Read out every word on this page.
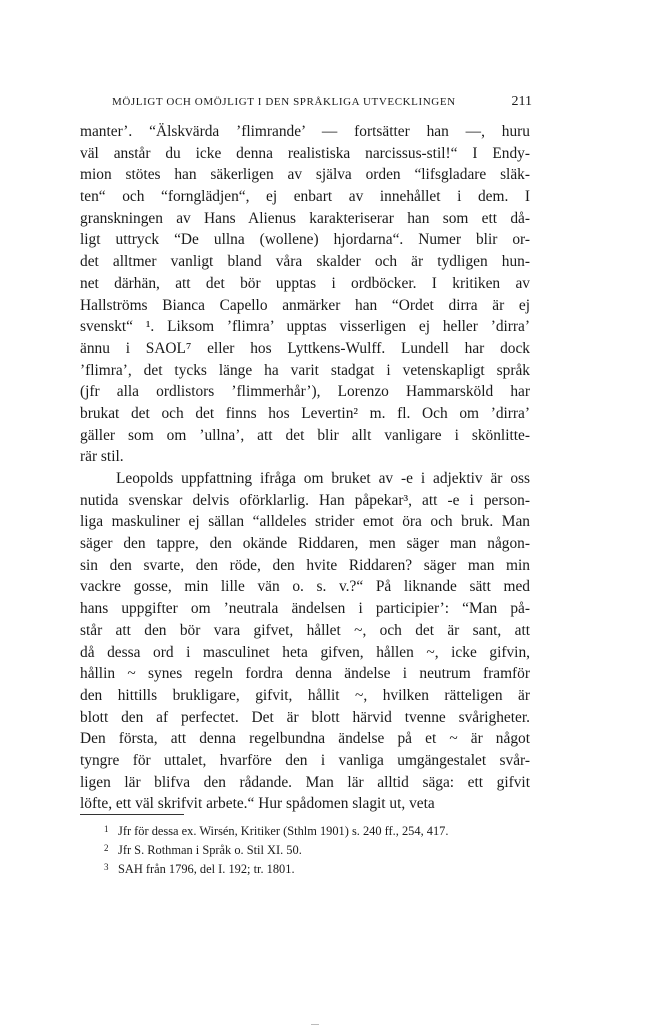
MÖJLIGT OCH OMÖJLIGT I DEN SPRÅKLIGA UTVECKLINGEN	211
manter’. “Älskvärda ’flimrande’ — fortsätter han —, huru
väl anstår du icke denna realistiska narcissus-stil!“ I Endy-
mion stötes han säkerligen av själva orden “lifsgladare släk-
ten“ och “fornglädjen“, ej enbart av innehållet i dem. I
granskningen av Hans Alienus karakteriserar han som ett då-
ligt uttryck “De ullna (wollene) hjordarna“. Numer blir or-
det alltmer vanligt bland våra skalder och är tydligen hun-
net därhän, att det bör upptas i ordböcker. I kritiken av
Hallströms Bianca Capello anmärker han “Ordet dirra är ej
svenskt“ ¹. Liksom ’flimra’ upptas visserligen ej heller ’dirra’
ännu i SAOL⁷ eller hos Lyttkens-Wulff. Lundell har dock
’flimra’, det tycks länge ha varit stadgat i vetenskapligt språk
(jfr alla ordlistors ’flimmerhår’), Lorenzo Hammarsköld har
brukat det och det finns hos Levertin² m. fl. Och om ’dirra’
gäller som om ’ullna’, att det blir allt vanligare i skönlitte-
rär stil.
Leopolds uppfattning ifråga om bruket av -e i adjektiv är oss
nutida svenskar delvis oförklarlig. Han påpekar³, att -e i person-
liga maskuliner ej sällan “alldeles strider emot öra och bruk. Man
säger den tappre, den okände Riddaren, men säger man någon-
sin den svarte, den röde, den hvite Riddaren? säger man min
vackre gosse, min lille vän o. s. v.?“ På liknande sätt med
hans uppgifter om ’neutrala ändelsen i participier’: “Man på-
står att den bör vara gifvet, hållet ~, och det är sant, att
då dessa ord i masculinet heta gifven, hållen ~, icke gifvin,
hållin ~ synes regeln fordra denna ändelse i neutrum framför
den hittills brukligare, gifvit, hållit ~, hvilken rätteligen är
blott den af perfectet. Det är blott härvid tvenne svårigheter.
Den första, att denna regelbundna ändelse på et ~ är något
tyngre för uttalet, hvarföre den i vanliga umgängestalet svår-
ligen lär blifva den rådande. Man lär alltid säga: ett gifvit
löfte, ett väl skrifvit arbete.“ Hur spådomen slagit ut, veta
1 Jfr för dessa ex. Wirsén, Kritiker (Sthlm 1901) s. 240 ff., 254, 417.
2 Jfr S. Rothman i Språk o. Stil XI. 50.
3 SAH från 1796, del I. 192; tr. 1801.
